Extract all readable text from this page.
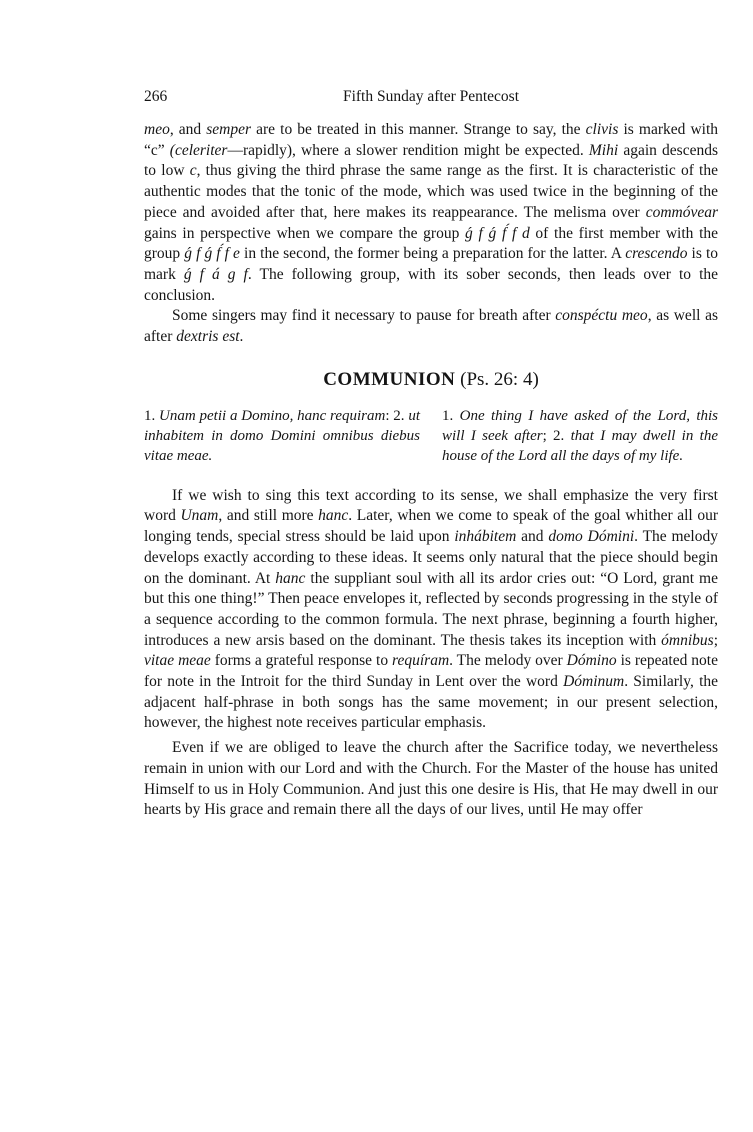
266	Fifth Sunday after Pentecost

meo, and semper are to be treated in this manner. Strange to say, the clivis is marked with “c” (celeriter—rapidly), where a slower rendition might be expected. Mihi again descends to low c, thus giving the third phrase the same range as the first. It is characteristic of the authentic modes that the tonic of the mode, which was used twice in the beginning of the piece and avoided after that, here makes its reappearance. The melisma over commóvear gains in perspective when we compare the group ǵ f ǵ f́ f d of the first member with the group ǵ f ǵ f́ f e in the second, the former being a preparation for the latter. A crescendo is to mark ǵ f á g f. The following group, with its sober seconds, then leads over to the conclusion.

Some singers may find it necessary to pause for breath after conspéctu meo, as well as after dextris est.

COMMUNION (Ps. 26: 4)

1. Unam petii a Domino, hanc requiram: 2. ut inhabitem in domo Domini omnibus diebus vitae meae.

1. One thing I have asked of the Lord, this will I seek after; 2. that I may dwell in the house of the Lord all the days of my life.

If we wish to sing this text according to its sense, we shall emphasize the very first word Unam, and still more hanc. Later, when we come to speak of the goal whither all our longing tends, special stress should be laid upon inhábitem and domo Dómini. The melody develops exactly according to these ideas. It seems only natural that the piece should begin on the dominant. At hanc the suppliant soul with all its ardor cries out: “O Lord, grant me but this one thing!” Then peace envelopes it, reflected by seconds progressing in the style of a sequence according to the common formula. The next phrase, beginning a fourth higher, introduces a new arsis based on the dominant. The thesis takes its inception with ómnibus; vitae meae forms a grateful response to requíram. The melody over Dómino is repeated note for note in the Introit for the third Sunday in Lent over the word Dóminum. Similarly, the adjacent half-phrase in both songs has the same movement; in our present selection, however, the highest note receives particular emphasis.

Even if we are obliged to leave the church after the Sacrifice today, we nevertheless remain in union with our Lord and with the Church. For the Master of the house has united Himself to us in Holy Communion. And just this one desire is His, that He may dwell in our hearts by His grace and remain there all the days of our lives, until He may offer
